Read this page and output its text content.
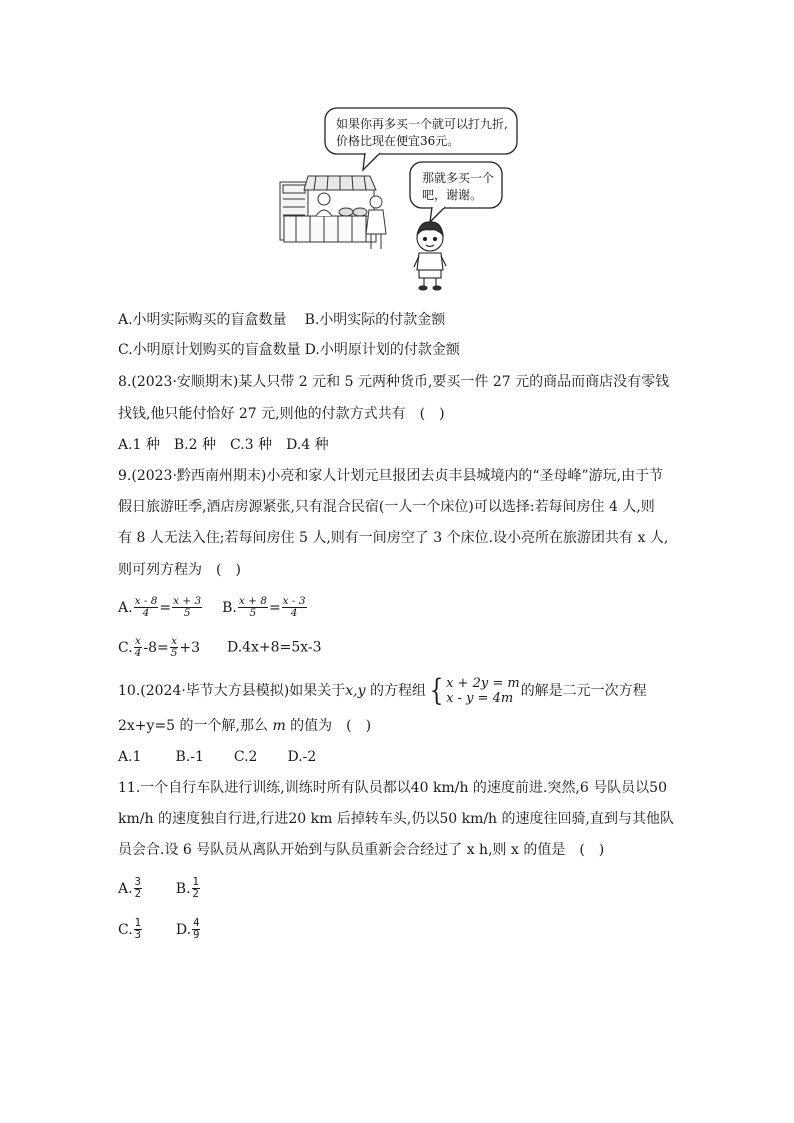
如果你再多买一个就可以打九折,
价格比现在便宜36元。
那就多买一个
吧，谢谢。
A.小明实际购买的盲盒数量 B.小明实际的付款金额
C.小明原计划购买的盲盒数量 D.小明原计划的付款金额
8.(2023·安顺期末)某人只带 2 元和 5 元两种货币,要买一件 27 元的商品而商店没有零钱
找钱,他只能付恰好 27 元,则他的付款方式共有　(　)
A.1 种 B.2 种 C.3 种 D.4 种
9.(2023·黔西南州期末)小亮和家人计划元旦报团去贞丰县城境内的“圣母峰”游玩,由于节
假日旅游旺季,酒店房源紧张,只有混合民宿(一人一个床位)可以选择:若每间房住 4 人,则
有 8 人无法入住;若每间房住 5 人,则有一间房空了 3 个床位.设小亮所在旅游团共有 x 人,
则可列方程为　(　)
A. $\frac{x - 8}{4} = \frac{x + 3}{5} B$. $\frac{x + 8}{5} = \frac{x - 3}{4}$
C. $\frac{x}{4} -8= \frac{x}{5} +3$ D.4x+8=5x-3
10.(2024·毕节大方县模拟)如果关于x,y 的方程组 { x + 2y = m
x - y = 4m 的解是二元一次方程
2x+y=5 的一个解,那么 m 的值为　(　)
A.1 B.-1 C.2 D.-2
11.一个自行车队进行训练,训练时所有队员都以40 km/h 的速度前进.突然,6 号队员以50
km/h 的速度独自行进,行进20 km 后掉转车头,仍以50 km/h 的速度往回骑,直到与其他队
员会合.设 6 号队员从离队开始到与队员重新会合经过了 x h,则 x 的值是　(　)
A. $\frac{3}{2} B$. $\frac{1}{2}$
C. $\frac{1}{3} D$. $\frac{4}{9}$
